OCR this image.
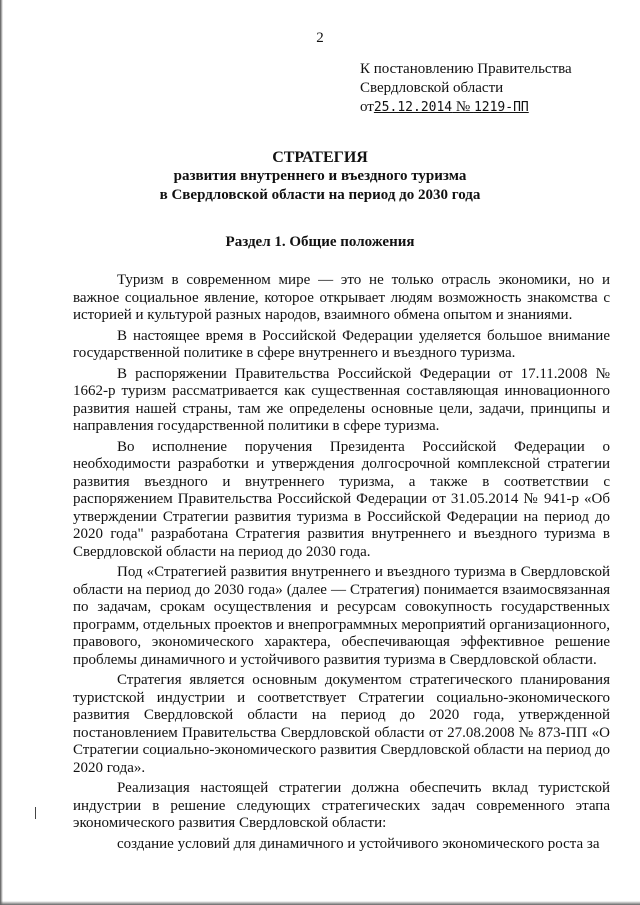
2
К постановлению Правительства
Свердловской области
от25.12.2014 № 1219-ПП
СТРАТЕГИЯ
развития внутреннего и въездного туризма
в Свердловской области на период до 2030 года
Раздел 1. Общие положения

Туризм в современном мире — это не только отрасль экономики, но и важное социальное явление, которое открывает людям возможность знакомства с историей и культурой разных народов, взаимного обмена опытом и знаниями.

В настоящее время в Российской Федерации уделяется большое внимание государственной политике в сфере внутреннего и въездного туризма.

В распоряжении Правительства Российской Федерации от 17.11.2008 № 1662-р туризм рассматривается как существенная составляющая инновационного развития нашей страны, там же определены основные цели, задачи, принципы и направления государственной политики в сфере туризма.

Во исполнение поручения Президента Российской Федерации о необходимости разработки и утверждения долгосрочной комплексной стратегии развития въездного и внутреннего туризма, а также в соответствии с распоряжением Правительства Российской Федерации от 31.05.2014 № 941-р «Об утверждении Стратегии развития туризма в Российской Федерации на период до 2020 года" разработана Стратегия развития внутреннего и въездного туризма в Свердловской области на период до 2030 года.

Под «Стратегией развития внутреннего и въездного туризма в Свердловской области на период до 2030 года» (далее — Стратегия) понимается взаимосвязанная по задачам, срокам осуществления и ресурсам совокупность государственных программ, отдельных проектов и внепрограммных мероприятий организационного, правового, экономического характера, обеспечивающая эффективное решение проблемы динамичного и устойчивого развития туризма в Свердловской области.

Стратегия является основным документом стратегического планирования туристской индустрии и соответствует Стратегии социально-экономического развития Свердловской области на период до 2020 года, утвержденной постановлением Правительства Свердловской области от 27.08.2008 № 873-ПП «О Стратегии социально-экономического развития Свердловской области на период до 2020 года».

Реализация настоящей стратегии должна обеспечить вклад туристской индустрии в решение следующих стратегических задач современного этапа экономического развития Свердловской области:

создание условий для динамичного и устойчивого экономического роста за
